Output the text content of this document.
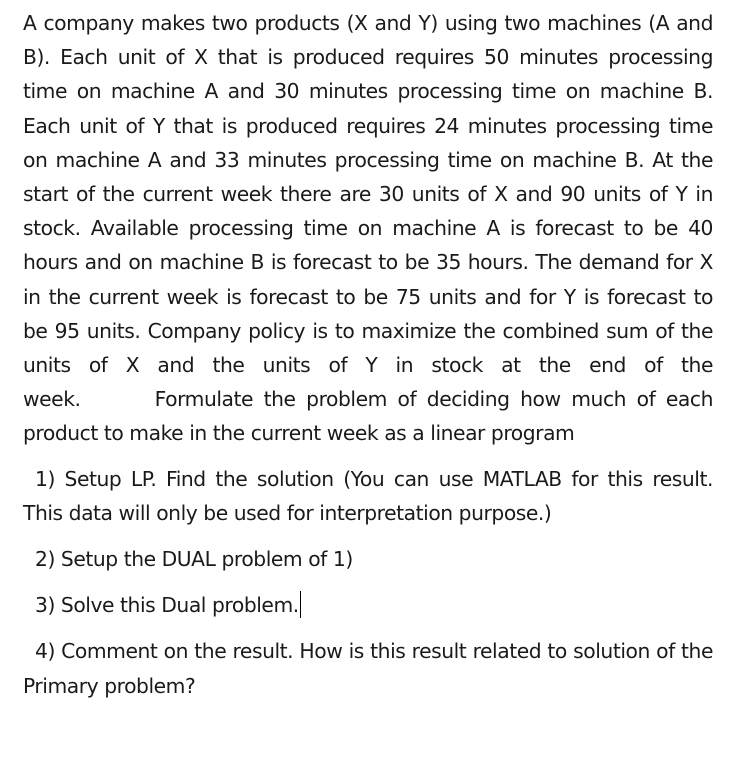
A company makes two products (X and Y) using two machines (A and B). Each unit of X that is produced requires 50 minutes processing time on machine A and 30 minutes processing time on machine B. Each unit of Y that is produced requires 24 minutes processing time on machine A and 33 minutes processing time on machine B. At the start of the current week there are 30 units of X and 90 units of Y in stock. Available processing time on machine A is forecast to be 40 hours and on machine B is forecast to be 35 hours. The demand for X in the current week is forecast to be 75 units and for Y is forecast to be 95 units. Company policy is to maximize the combined sum of the units of X and the units of Y in stock at the end of the week.	Formulate the problem of deciding how much of each product to make in the current week as a linear program

1) Setup LP. Find the solution (You can use MATLAB for this result. This data will only be used for interpretation purpose.)

2) Setup the DUAL problem of 1)

3) Solve this Dual problem.

4) Comment on the result. How is this result related to solution of the Primary problem?
